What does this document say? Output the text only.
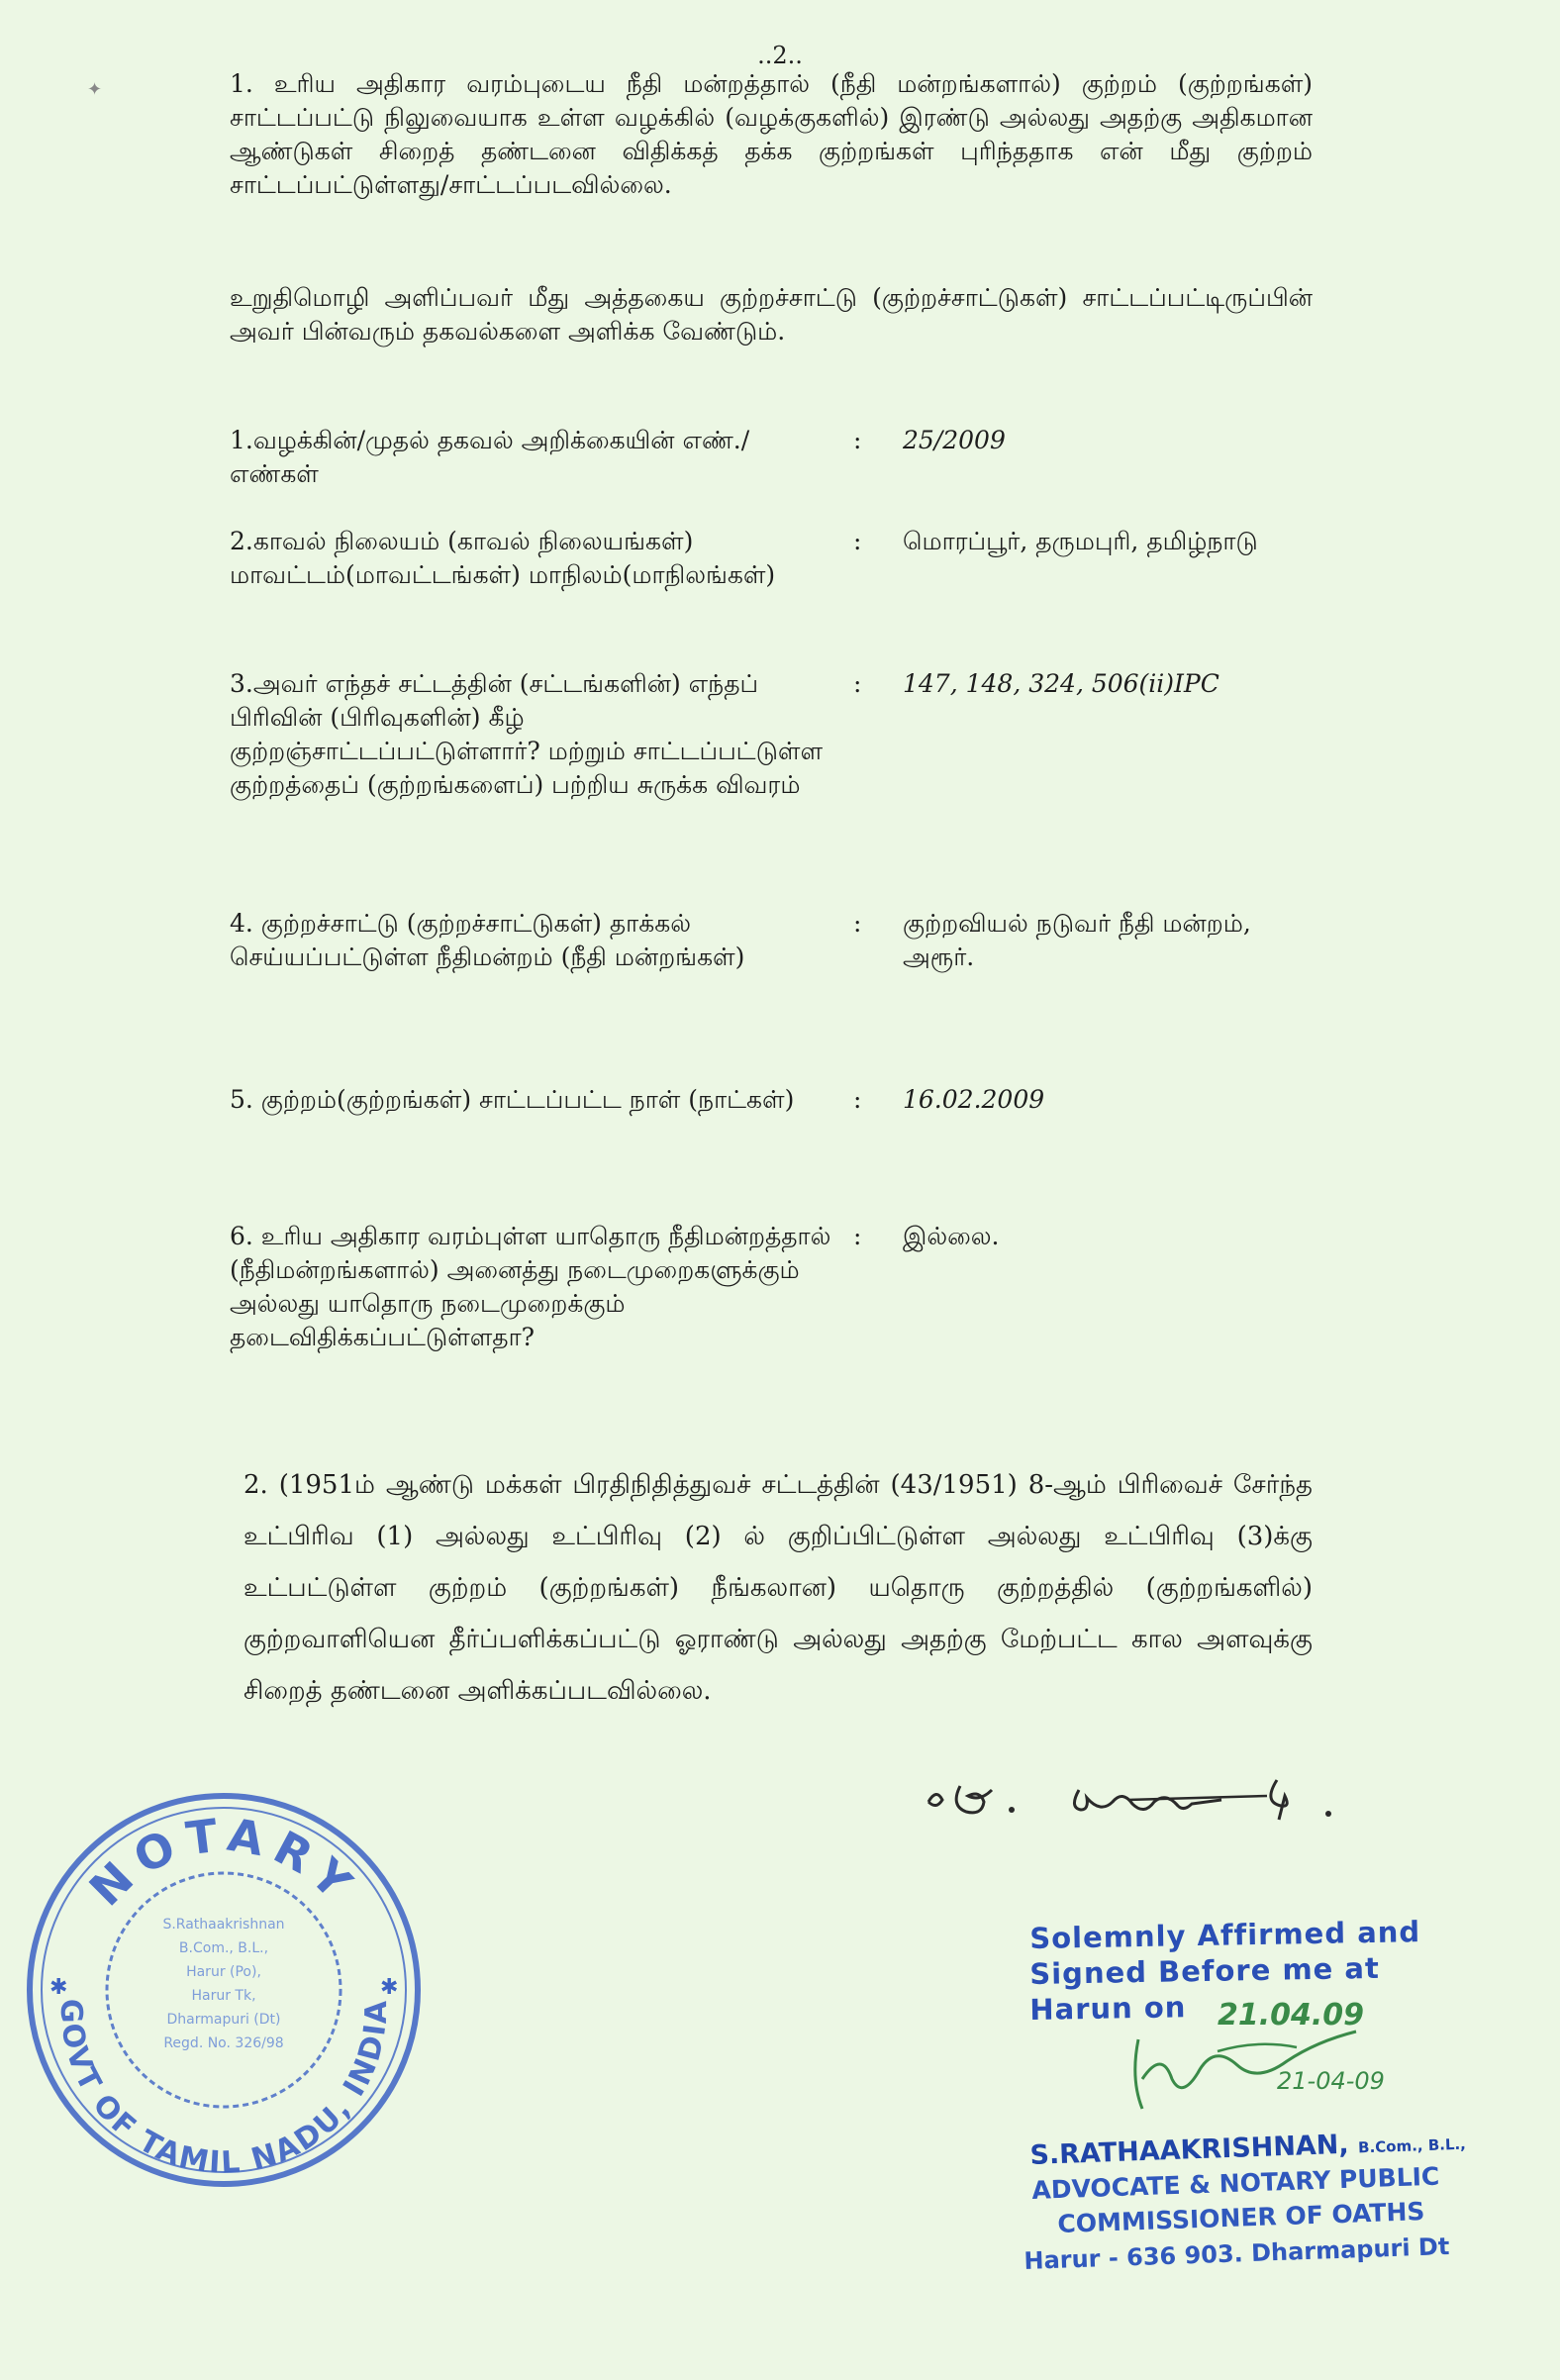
✦
..2..
1. உரிய அதிகார வரம்புடைய நீதி மன்றத்தால் (நீதி மன்றங்களால்) குற்றம் (குற்றங்கள்) சாட்டப்பட்டு நிலுவையாக உள்ள வழக்கில் (வழக்குகளில்) இரண்டு அல்லது அதற்கு அதிகமான ஆண்டுகள் சிறைத் தண்டனை விதிக்கத் தக்க குற்றங்கள் புரிந்ததாக என் மீது குற்றம் சாட்டப்பட்டுள்ளது/சாட்டப்படவில்லை.
உறுதிமொழி அளிப்பவர் மீது அத்தகைய குற்றச்சாட்டு (குற்றச்சாட்டுகள்) சாட்டப்பட்டிருப்பின் அவர் பின்வரும் தகவல்களை அளிக்க வேண்டும்.
1.வழக்கின்/முதல் தகவல் அறிக்கையின் எண்./எண்கள்
: 25/2009
2.காவல் நிலையம் (காவல் நிலையங்கள்) மாவட்டம்(மாவட்டங்கள்) மாநிலம்(மாநிலங்கள்)
: மொரப்பூர், தருமபுரி, தமிழ்நாடு
3.அவர் எந்தச் சட்டத்தின் (சட்டங்களின்) எந்தப் பிரிவின் (பிரிவுகளின்) கீழ் குற்றஞ்சாட்டப்பட்டுள்ளார்? மற்றும் சாட்டப்பட்டுள்ள குற்றத்தைப் (குற்றங்களைப்) பற்றிய சுருக்க விவரம்
: 147, 148, 324, 506(ii)IPC
4. குற்றச்சாட்டு (குற்றச்சாட்டுகள்) தாக்கல் செய்யப்பட்டுள்ள நீதிமன்றம் (நீதி மன்றங்கள்)
: குற்றவியல் நடுவர் நீதி மன்றம், அரூர்.
5. குற்றம்(குற்றங்கள்) சாட்டப்பட்ட நாள் (நாட்கள்)	: 16.02.2009
6. உரிய அதிகார வரம்புள்ள யாதொரு நீதிமன்றத்தால் (நீதிமன்றங்களால்) அனைத்து நடைமுறைகளுக்கும் அல்லது யாதொரு நடைமுறைக்கும் தடைவிதிக்கப்பட்டுள்ளதா?
: இல்லை.
2. (1951ம் ஆண்டு மக்கள் பிரதிநிதித்துவச் சட்டத்தின் (43/1951) 8-ஆம் பிரிவைச் சேர்ந்த உட்பிரிவ (1) அல்லது உட்பிரிவு (2) ல் குறிப்பிட்டுள்ள அல்லது உட்பிரிவு (3)க்கு உட்பட்டுள்ள குற்றம் (குற்றங்கள்) நீங்கலான) யதொரு குற்றத்தில் (குற்றங்களில்) குற்றவாளியென தீர்ப்பளிக்கப்பட்டு ஓராண்டு அல்லது அதற்கு மேற்பட்ட கால அளவுக்கு சிறைத் தண்டனை அளிக்கப்படவில்லை.
NOTARY
GOVT OF TAMIL NADU, INDIA
S.Rathaakrishnan
B.Com., B.L.,
Harur (Po),
Harur Tk,
Dharmapuri (Dt)
Regd. No. 326/98
✱	✱
Solemnly Affirmed and
Signed Before me at
Harun on	21.04.09
S.RATHAAKRISHNAN, B.Com., B.L.,
ADVOCATE & NOTARY PUBLIC
COMMISSIONER OF OATHS
Harur - 636 903. Dharmapuri Dt
21-04-09
